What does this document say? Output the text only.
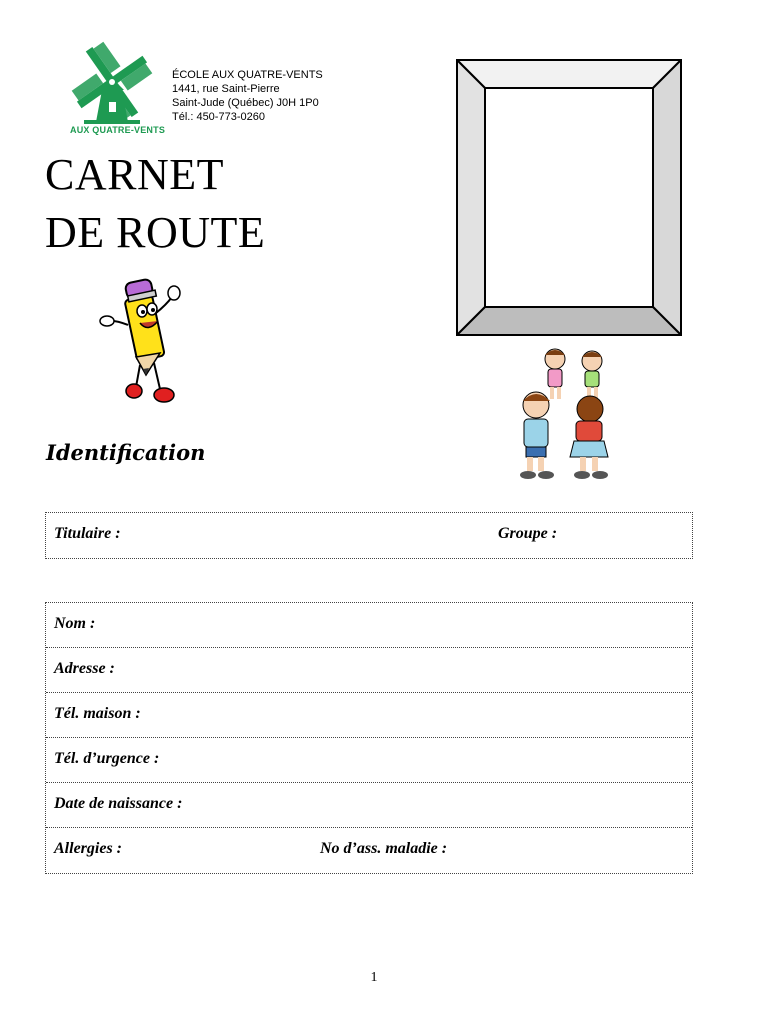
AUX QUATRE-VENTS
ÉCOLE AUX QUATRE-VENTS
1441, rue Saint-Pierre
Saint-Jude (Québec) J0H 1P0
Tél.: 450-773-0260
CARNET
DE ROUTE
Identification
Titulaire :	Groupe :
Nom :
Adresse :
Tél. maison :
Tél. d’urgence :
Date de naissance :
Allergies :	No d’ass. maladie :
1
